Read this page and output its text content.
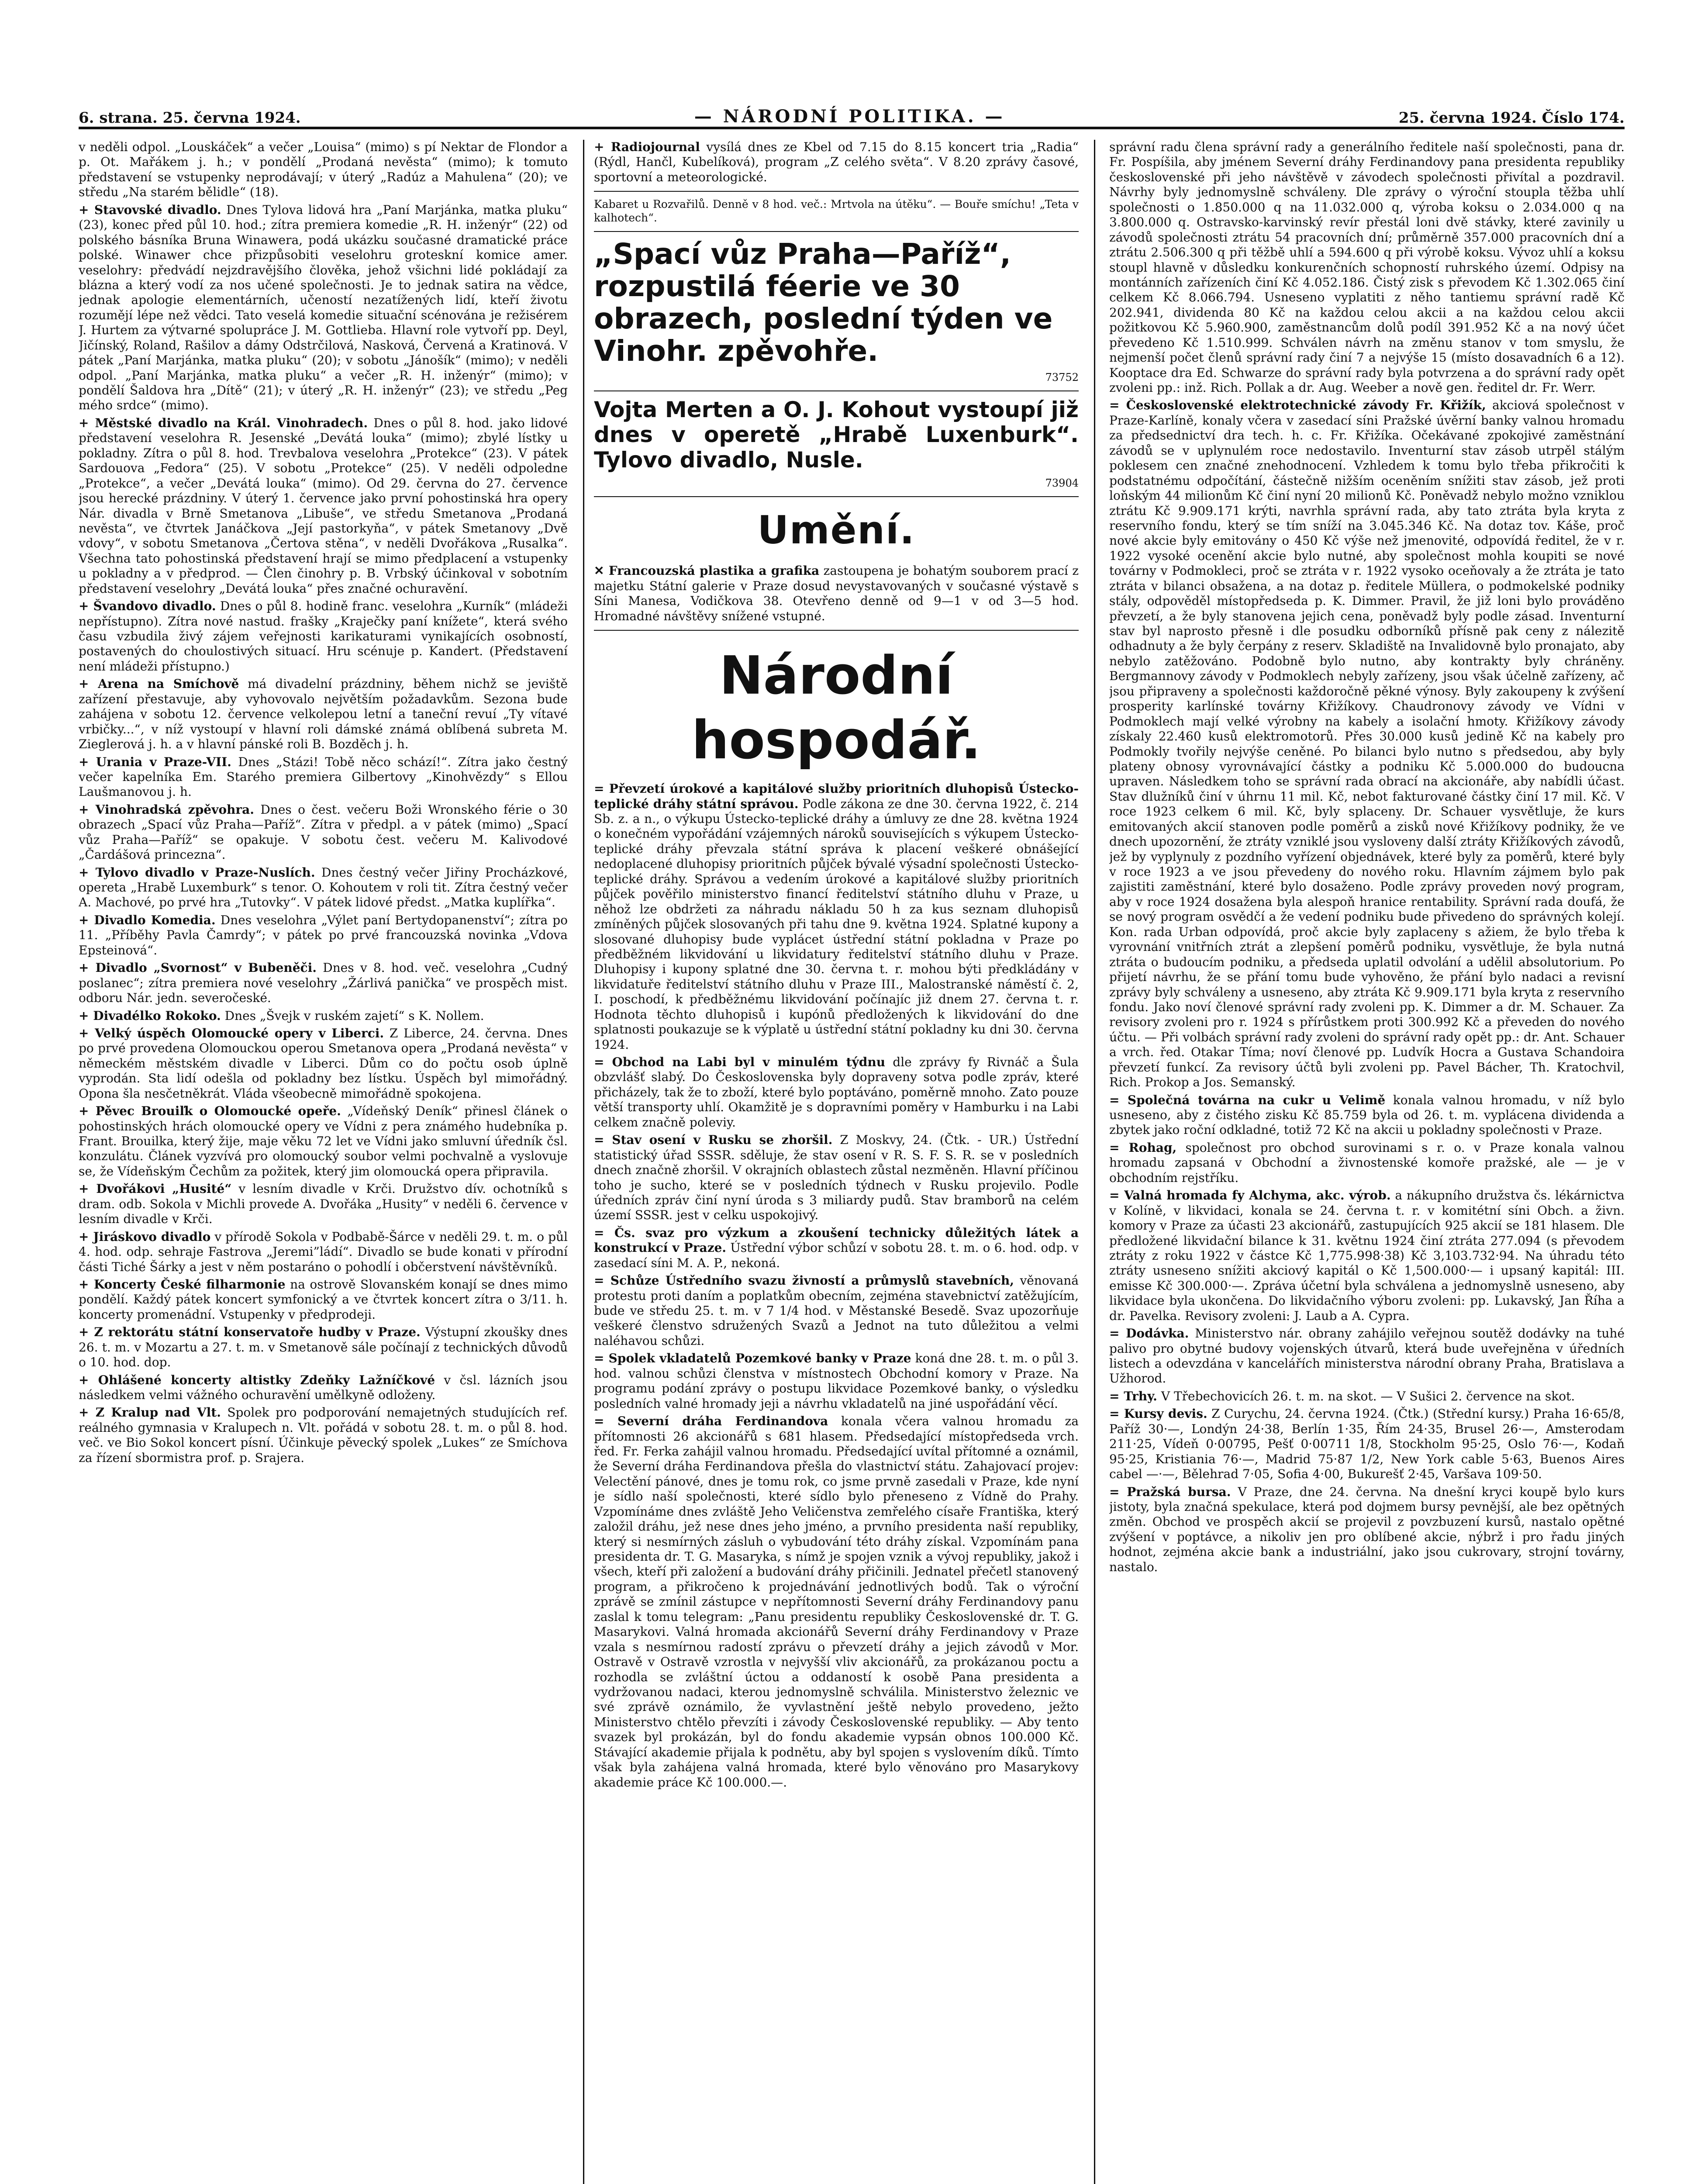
6. strana. 25. června 1924.	— NÁRODNÍ POLITIKA. —	25. června 1924. Číslo 174.

v neděli odpol. „Louskáček“ a večer „Louisa“ (mimo) s pí Nektar de Flondor a p. Ot. Mařákem j. h.; v pondělí „Prodaná nevěsta“ (mimo); k tomuto představení se vstupenky neprodávají; v úterý „Radúz a Mahulena“ (20); ve středu „Na starém bělidle“ (18).

+ Stavovské divadlo. Dnes Tylova lidová hra „Paní Marjánka, matka pluku“ (23), konec před půl 10. hod.; zítra premiera komedie „R. H. inženýr“ (22) od polského básníka Bruna Winawera, podá ukázku současné dramatické práce polské. Winawer chce přizpůsobiti veselohru groteskní komice amer. veselohry: předvádí nejzdravějšího člověka, jehož všichni lidé pokládají za blázna a který vodí za nos učené společnosti. Je to jednak satira na vědce, jednak apologie elementárních, učeností nezatížených lidí, kteří životu rozumějí lépe než vědci. Tato veselá komedie situační scénována je režisérem J. Hurtem za výtvarné spolupráce J. M. Gottlieba. Hlavní role vytvoří pp. Deyl, Jičínský, Roland, Rašilov a dámy Odstrčilová, Nasková, Červená a Kratinová. V pátek „Paní Marjánka, matka pluku“ (20); v sobotu „Jánošík“ (mimo); v neděli odpol. „Paní Marjánka, matka pluku“ a večer „R. H. inženýr“ (mimo); v pondělí Šaldova hra „Dítě“ (21); v úterý „R. H. inženýr“ (23); ve středu „Peg mého srdce“ (mimo).

+ Městské divadlo na Král. Vinohradech. Dnes o půl 8. hod. jako lidové představení veselohra R. Jesenské „Devátá louka“ (mimo); zbylé lístky u pokladny. Zítra o půl 8. hod. Trevbalova veselohra „Protekce“ (23). V pátek Sardouova „Fedora“ (25). V sobotu „Protekce“ (25). V neděli odpoledne „Protekce“, a večer „Devátá louka“ (mimo). Od 29. června do 27. července jsou herecké prázdniny. V úterý 1. července jako první pohostinská hra opery Nár. divadla v Brně Smetanova „Libuše“, ve středu Smetanova „Prodaná nevěsta“, ve čtvrtek Janáčkova „Její pastorkyňa“, v pátek Smetanovy „Dvě vdovy“, v sobotu Smetanova „Čertova stěna“, v neděli Dvořákova „Rusalka“. Všechna tato pohostinská představení hrají se mimo předplacení a vstupenky u pokladny a v předprod. — Člen činohry p. B. Vrbský účinkoval v sobotním představení veselohry „Devátá louka“ přes značné ochuravění.

+ Švandovo divadlo. Dnes o půl 8. hodině franc. veselohra „Kurník“ (mládeži nepřístupno). Zítra nové nastud. frašky „Kraječky paní knížete“, která svého času vzbudila živý zájem veřejnosti karikaturami vynikajících osobností, postavených do choulostivých situací. Hru scénuje p. Kandert. (Představení není mládeži přístupno.)

+ Arena na Smíchově má divadelní prázdniny, během nichž se jeviště zařízení přestavuje, aby vyhovovalo největším požadavkům. Sezona bude zahájena v sobotu 12. července velkolepou letní a taneční revuí „Ty vítavé vrbičky...“, v níž vystoupí v hlavní roli dámské známá oblíbená subreta M. Zieglerová j. h. a v hlavní pánské roli B. Bozděch j. h.

+ Urania v Praze-VII. Dnes „Stázi! Tobě něco schází!“. Zítra jako čestný večer kapelníka Em. Starého premiera Gilbertovy „Kinohvězdy“ s Ellou Laušmanovou j. h.

+ Vinohradská zpěvohra. Dnes o čest. večeru Boži Wronského férie o 30 obrazech „Spací vůz Praha—Paříž“. Zítra v předpl. a v pátek (mimo) „Spací vůz Praha—Paříž“ se opakuje. V sobotu čest. večeru M. Kalivodové „Čardášová princezna“.

+ Tylovo divadlo v Praze-Nuslích. Dnes čestný večer Jiřiny Procházkové, opereta „Hrabě Luxemburk“ s tenor. O. Kohoutem v roli tit. Zítra čestný večer A. Machové, po prvé hra „Tutovky“. V pátek lidové předst. „Matka kuplířka“.

+ Divadlo Komedia. Dnes veselohra „Výlet paní Bertydopanenství“; zítra po 11. „Příběhy Pavla Čamrdy“; v pátek po prvé francouzská novinka „Vdova Epsteinová“.

+ Divadlo „Svornost“ v Bubeněči. Dnes v 8. hod. več. veselohra „Cudný poslanec“; zítra premiera nové veselohry „Žárlivá panička“ ve prospěch mist. odboru Nár. jedn. severočeské.

+ Divadélko Rokoko. Dnes „Švejk v ruském zajetí“ s K. Nollem.

+ Velký úspěch Olomoucké opery v Liberci. Z Liberce, 24. června. Dnes po prvé provedena Olomouckou operou Smetanova opera „Prodaná nevěsta“ v německém městském divadle v Liberci. Dům co do počtu osob úplně vyprodán. Sta lidí odešla od pokladny bez lístku. Úspěch byl mimořádný. Opona šla nesčetněkrát. Vláda všeobecně mimořádně spokojena.

+ Pěvec Brouiľk o Olomoucké opeře. „Vídeňský Deník“ přinesl článek o pohostinských hrách olomoucké opery ve Vídni z pera známého hudebníka p. Frant. Brouilka, který žije, maje věku 72 let ve Vídni jako smluvní úředník čsl. konzulátu. Článek vyzvívá pro olomoucký soubor velmi pochvalně a vyslovuje se, že Vídeňským Čechům za požitek, který jim olomoucká opera připravila.

+ Dvořákovi „Husité“ v lesním divadle v Krči. Družstvo dív. ochotníků s dram. odb. Sokola v Michli provede A. Dvořáka „Husity“ v neděli 6. července v lesním divadle v Krči.

+ Jiráskovo divadlo v přírodě Sokola v Podbabě-Šárce v neděli 29. t. m. o půl 4. hod. odp. sehraje Fastrova „Jeremi”ládí“. Divadlo se bude konati v přírodní části Tiché Šárky a jest v něm postaráno o pohodlí i občerstvení návštěvníků.

+ Koncerty České filharmonie na ostrově Slovanském konají se dnes mimo pondělí. Každý pátek koncert symfonický a ve čtvrtek koncert zítra o 3/11. h. koncerty promenádní. Vstupenky v předprodeji.

+ Z rektorátu státní konservatoře hudby v Praze. Výstupní zkoušky dnes 26. t. m. v Mozartu a 27. t. m. v Smetanově sále počínají z technických důvodů o 10. hod. dop.

+ Ohlášené koncerty altistky Zdeňky Lažníčkové v čsl. lázních jsou následkem velmi vážného ochuravění umělkyně odloženy.

+ Z Kralup nad Vlt. Spolek pro podporování nemajetných studujících ref. reálného gymnasia v Kralupech n. Vlt. pořádá v sobotu 28. t. m. o půl 8. hod. več. ve Bio Sokol koncert písní. Účinkuje pěvecký spolek „Lukes“ ze Smíchova za řízení sbormistra prof. p. Srajera.

+ Radiojournal vysílá dnes ze Kbel od 7.15 do 8.15 koncert tria „Radia“ (Rýdl, Hančl, Kubelíková), program „Z celého světa“. V 8.20 zprávy časové, sportovní a meteorologické.

Kabaret u Rozvařilů. Denně v 8 hod. več.: Mrtvola na útěku“. — Bouře smíchu! „Teta v kalhotech“.
„Spací vůz Praha—Paříž“, rozpustilá féerie ve 30 obrazech, poslední týden ve Vinohr. zpěvohře.
73752
Vojta Merten a O. J. Kohout vystoupí již dnes v operetě „Hrabě Luxenburk“. Tylovo divadlo, Nusle.
73904
Umění.

✕ Francouzská plastika a grafika zastoupena je bohatým souborem prací z majetku Státní galerie v Praze dosud nevystavovaných v současné výstavě s Síni Manesa, Vodičkova 38. Otevřeno denně od 9—1 v od 3—5 hod. Hromadné návštěvy snížené vstupné.

Národní hospodář.

= Převzetí úrokové a kapitálové služby prioritních dluhopisů Ústecko-teplické dráhy státní správou. Podle zákona ze dne 30. června 1922, č. 214 Sb. z. a n., o výkupu Ústecko-teplické dráhy a úmluvy ze dne 28. května 1924 o konečném vypořádání vzájemných nároků souvisejících s výkupem Ústecko-teplické dráhy převzala státní správa k placení veškeré obnášející nedoplacené dluhopisy prioritních půjček bývalé výsadní společnosti Ústecko-teplické dráhy. Správou a vedením úrokové a kapitálové služby prioritních půjček pověřilo ministerstvo financí ředitelství státního dluhu v Praze, u něhož lze obdržeti za náhradu nákladu 50 h za kus seznam dluhopisů zmíněných půjček slosovaných při tahu dne 9. května 1924. Splatné kupony a slosované dluhopisy bude vyplácet ústřední státní pokladna v Praze po předběžném likvidování u likvidatury ředitelství státního dluhu v Praze. Dluhopisy i kupony splatné dne 30. června t. r. mohou býti předkládány v likvidatuře ředitelství státního dluhu v Praze III., Malostranské náměstí č. 2, I. poschodí, k předběžnému likvidování počínajíc již dnem 27. června t. r. Hodnota těchto dluhopisů i kupónů předložených k likvidování do dne splatnosti poukazuje se k výplatě u ústřední státní pokladny ku dni 30. června 1924.

= Obchod na Labi byl v minulém týdnu dle zprávy fy Rivnáč a Šula obzvlášť slabý. Do Československa byly dopraveny sotva podle zpráv, které přicházely, tak že to zboží, které bylo poptáváno, poměrně mnoho. Zato pouze větší transporty uhlí. Okamžitě je s dopravními poměry v Hamburku i na Labi celkem značně poleviy.

= Stav osení v Rusku se zhoršil. Z Moskvy, 24. (Čtk. - UR.) Ústřední statistický úřad SSSR. sděluje, že stav osení v R. S. F. S. R. se v posledních dnech značně zhoršil. V okrajních oblastech zůstal nezměněn. Hlavní příčinou toho je sucho, které se v posledních týdnech v Rusku projevilo. Podle úředních zpráv činí nyní úroda s 3 miliardy pudů. Stav bramborů na celém území SSSR. jest v celku uspokojivý.

= Čs. svaz pro výzkum a zkoušení technicky důležitých látek a konstrukcí v Praze. Ústřední výbor schůzí v sobotu 28. t. m. o 6. hod. odp. v zasedací síni M. A. P., nekoná.

= Schůze Ústředního svazu živností a průmyslů stavebních, věnovaná protestu proti daním a poplatkům obecním, zejména stavebnictví zatěžujícím, bude ve středu 25. t. m. v 7 1/4 hod. v Městanské Besedě. Svaz upozorňuje veškeré členstvo sdružených Svazů a Jednot na tuto důležitou a velmi naléhavou schůzi.

= Spolek vkladatelů Pozemkové banky v Praze koná dne 28. t. m. o půl 3. hod. valnou schůzi členstva v místnostech Obchodní komory v Praze. Na programu podání zprávy o postupu likvidace Pozemkové banky, o výsledku posledních valné hromady jeji a návrhu vkladatelů na jiné uspořádání věcí.

= Severní dráha Ferdinandova konala včera valnou hromadu za přítomnosti 26 akcionářů s 681 hlasem. Předsedající místopředseda vrch. řed. Fr. Ferka zahájil valnou hromadu. Předsedající uvítal přítomné a oznámil, že Severní dráha Ferdinandova přešla do vlastnictví státu. Zahajovací projev: Velectění pánové, dnes je tomu rok, co jsme prvně zasedali v Praze, kde nyní je sídlo naší společnosti, které sídlo bylo přeneseno z Vídně do Prahy. Vzpomínáme dnes zvláště Jeho Veličenstva zemřelého císaře Františka, který založil dráhu, jež nese dnes jeho jméno, a prvního presidenta naší republiky, který si nesmírných zásluh o vybudování této dráhy získal. Vzpomínám pana presidenta dr. T. G. Masaryka, s nímž je spojen vznik a vývoj republiky, jakož i všech, kteří při založení a budování dráhy přičinili. Jednatel přečetl stanovený program, a přikročeno k projednávání jednotlivých bodů. Tak o výroční zprávě se zmínil zástupce v nepřítomnosti Severní dráhy Ferdinandovy panu zaslal k tomu telegram: „Panu presidentu republiky Československé dr. T. G. Masarykovi. Valná hromada akcionářů Severní dráhy Ferdinandovy v Praze vzala s nesmírnou radostí zprávu o převzetí dráhy a jejich závodů v Mor. Ostravě v Ostravě vzrostla v nejvyšší vliv akcionářů, za prokázanou poctu a rozhodla se zvláštní úctou a oddaností k osobě Pana presidenta a vydržovanou nadaci, kterou jednomyslně schválila. Ministerstvo železnic ve své zprávě oznámilo, že vyvlastnění ještě nebylo provedeno, ježto Ministerstvo chtělo převzíti i závody Československé republiky. — Aby tento svazek byl prokázán, byl do fondu akademie vypsán obnos 100.000 Kč. Stávající akademie přijala k podnětu, aby byl spojen s vyslovením díků. Tímto však byla zahájena valná hromada, které bylo věnováno pro Masarykovy akademie práce Kč 100.000.—.

správní radu člena správní rady a generálního ředitele naší společnosti, pana dr. Fr. Pospíšila, aby jménem Severní dráhy Ferdinandovy pana presidenta republiky československé při jeho návštěvě v závodech společnosti přivítal a pozdravil. Návrhy byly jednomyslně schváleny. Dle zprávy o výroční stoupla těžba uhlí společnosti o 1.850.000 q na 11.032.000 q, výroba koksu o 2.034.000 q na 3.800.000 q. Ostravsko-karvinský revír přestál loni dvě stávky, které zavinily u závodů společnosti ztrátu 54 pracovních dní; průměrně 357.000 pracovních dní a ztrátu 2.506.300 q při těžbě uhlí a 594.600 q při výrobě koksu. Vývoz uhlí a koksu stoupl hlavně v důsledku konkurenčních schopností ruhrského území. Odpisy na montánních zařízeních činí Kč 4.052.186. Čistý zisk s převodem Kč 1.302.065 činí celkem Kč 8.066.794. Usneseno vyplatiti z něho tantiemu správní radě Kč 202.941, dividenda 80 Kč na každou celou akcii a na každou celou akcii požitkovou Kč 5.960.900, zaměstnancům dolů podíl 391.952 Kč a na nový účet převedeno Kč 1.510.999. Schválen návrh na změnu stanov v tom smyslu, že nejmenší počet členů správní rady činí 7 a nejvýše 15 (místo dosavadních 6 a 12). Kooptace dra Ed. Schwarze do správní rady byla potvrzena a do správní rady opět zvoleni pp.: inž. Rich. Pollak a dr. Aug. Weeber a nově gen. ředitel dr. Fr. Werr.

= Československé elektrotechnické závody Fr. Křižík, akciová společnost v Praze-Karlíně, konaly včera v zasedací síni Pražské úvěrní banky valnou hromadu za předsednictví dra tech. h. c. Fr. Křižíka. Očekávané zpokojivé zaměstnání závodů se v uplynulém roce nedostavilo. Inventurní stav zásob utrpěl stálým poklesem cen značné znehodnocení. Vzhledem k tomu bylo třeba přikročiti k podstatnému odpočítání, částečně nižším oceněním snížiti stav zásob, jež proti loňským 44 milionům Kč činí nyní 20 milionů Kč. Poněvadž nebylo možno vzniklou ztrátu Kč 9.909.171 krýti, navrhla správní rada, aby tato ztráta byla kryta z reservního fondu, který se tím sníží na 3.045.346 Kč. Na dotaz tov. Káše, proč nové akcie byly emitovány o 450 Kč výše než jmenovité, odpovídá ředitel, že v r. 1922 vysoké ocenění akcie bylo nutné, aby společnost mohla koupiti se nové továrny v Podmokleci, proč se ztráta v r. 1922 vysoko oceňovaly a že ztráta je tato ztráta v bilanci obsažena, a na dotaz p. ředitele Müllera, o podmokelské podniky stály, odpověděl místopředseda p. K. Dimmer. Pravil, že již loni bylo prováděno převzetí, a že byly stanovena jejich cena, poněvadž byly podle zásad. Inventurní stav byl naprosto přesně i dle posudku odborníků přísně pak ceny z nálezitě odhadnuty a že byly čerpány z reserv. Skladiště na Invalidovně bylo pronajato, aby nebylo zatěžováno. Podobně bylo nutno, aby kontrakty byly chráněny. Bergmannovy závody v Podmoklech nebyly zařízeny, jsou však účelně zařízeny, ač jsou připraveny a společnosti každoročně pěkné výnosy. Byly zakoupeny k zvýšení prosperity karlínské továrny Křižíkovy. Chaudronovy závody ve Vídni v Podmoklech mají velké výrobny na kabely a isolační hmoty. Křižíkovy závody získaly 22.460 kusů elektromotorů. Přes 30.000 kusů jedině Kč na kabely pro Podmokly tvořily nejvýše ceněné. Po bilanci bylo nutno s předsedou, aby byly plateny obnosy vyrovnávající částky a podniku Kč 5.000.000 do budoucna upraven. Následkem toho se správní rada obrací na akcionáře, aby nabídli účast. Stav dlužníků činí v úhrnu 11 mil. Kč, nebot fakturované částky činí 17 mil. Kč. V roce 1923 celkem 6 mil. Kč, byly splaceny. Dr. Schauer vysvětluje, že kurs emitovaných akcií stanoven podle poměrů a zisků nové Křižíkovy podniky, že ve dnech upozornění, že ztráty vzniklé jsou vysloveny další ztráty Křižíkových závodů, jež by vyplynuly z pozdního vyřízení objednávek, které byly za poměrů, které byly v roce 1923 a ve jsou převedeny do nového roku. Hlavním zájmem bylo pak zajistiti zaměstnání, které bylo dosaženo. Podle zprávy proveden nový program, aby v roce 1924 dosažena byla alespoň hranice rentability. Správní rada doufá, že se nový program osvědčí a že vedení podniku bude přivedeno do správných kolejí. Kon. rada Urban odpovídá, proč akcie byly zaplaceny s ažiem, že bylo třeba k vyrovnání vnitřních ztrát a zlepšení poměrů podniku, vysvětluje, že byla nutná ztráta o budoucím podniku, a předseda uplatil odvolání a udělil absolutorium. Po přijetí návrhu, že se přání tomu bude vyhověno, že přání bylo nadaci a revisní zprávy byly schváleny a usneseno, aby ztráta Kč 9.909.171 byla kryta z reservního fondu. Jako noví členové správní rady zvoleni pp. K. Dimmer a dr. M. Schauer. Za revisory zvoleni pro r. 1924 s přírůstkem proti 300.992 Kč a převeden do nového účtu. — Při volbách správní rady zvoleni do správní rady opět pp.: dr. Ant. Schauer a vrch. řed. Otakar Tíma; noví členové pp. Ludvík Hocra a Gustava Schandoira převzetí funkcí. Za revisory účtů byli zvoleni pp. Pavel Bácher, Th. Kratochvil, Rich. Prokop a Jos. Semanský.

= Společná továrna na cukr u Velimě konala valnou hromadu, v níž bylo usneseno, aby z čistého zisku Kč 85.759 byla od 26. t. m. vyplácena dividenda a zbytek jako roční odkladné, totiž 72 Kč na akcii u pokladny společnosti v Praze.

= Rohag, společnost pro obchod surovinami s r. o. v Praze konala valnou hromadu zapsaná v Obchodní a živnostenské komoře pražské, ale — je v obchodním rejstříku.

= Valná hromada fy Alchyma, akc. výrob. a nákupního družstva čs. lékárnictva v Kolíně, v likvidaci, konala se 24. června t. r. v komitétní síni Obch. a živn. komory v Praze za účasti 23 akcionářů, zastupujících 925 akcií se 181 hlasem. Dle předložené likvidační bilance k 31. květnu 1924 činí ztráta 277.094 (s převodem ztráty z roku 1922 v částce Kč 1,775.998·38) Kč 3,103.732·94. Na úhradu této ztráty usneseno snížiti akciový kapitál o Kč 1,500.000·— i upsaný kapitál: III. emisse Kč 300.000·—. Zpráva účetní byla schválena a jednomyslně usneseno, aby likvidace byla ukončena. Do likvidačního výboru zvoleni: pp. Lukavský, Jan Říha a dr. Pavelka. Revisory zvoleni: J. Laub a A. Cypra.

= Dodávka. Ministerstvo nár. obrany zahájilo veřejnou soutěž dodávky na tuhé palivo pro obytné budovy vojenských útvarů, která bude uveřejněna v úředních listech a odevzdána v kancelářích ministerstva národní obrany Praha, Bratislava a Užhorod.

= Trhy. V Třebechovicích 26. t. m. na skot. — V Sušici 2. července na skot.

= Kursy devis. Z Curychu, 24. června 1924. (Čtk.) (Střední kursy.) Praha 16·65/8, Paříž 30·—, Londýn 24·38, Berlín 1·35, Řím 24·35, Brusel 26·—, Amsterodam 211·25, Vídeň 0·00795, Pešť 0·00711 1/8, Stockholm 95·25, Oslo 76·—, Kodaň 95·25, Kristiania 76·—, Madrid 75·87 1/2, New York cable 5·63, Buenos Aires cabel —·—, Bělehrad 7·05, Sofia 4·00, Bukurešť 2·45, Varšava 109·50.

= Pražská bursa. V Praze, dne 24. června. Na dnešní kryci koupě bylo kurs jistoty, byla značná spekulace, která pod dojmem bursy pevnější, ale bez opětných změn. Obchod ve prospěch akcií se projevil z povzbuzení kursů, nastalo opětné zvýšení v poptávce, a nikoliv jen pro oblíbené akcie, nýbrž i pro řadu jiných hodnot, zejména akcie bank a industriální, jako jsou cukrovary, strojní továrny, nastalo.
